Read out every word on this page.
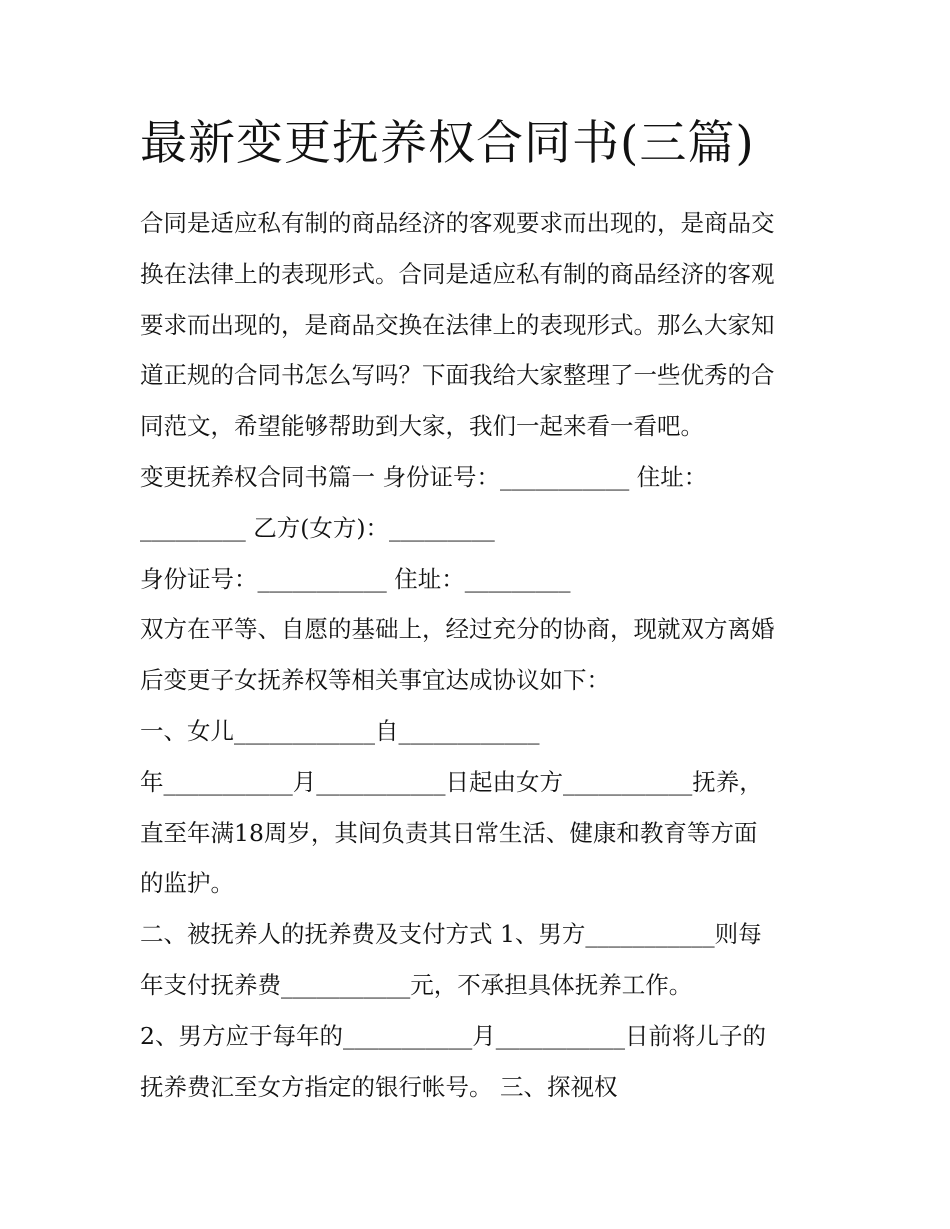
最新变更抚养权合同书(三篇)

合同是适应私有制的商品经济的客观要求而出现的，是商品交

换在法律上的表现形式。合同是适应私有制的商品经济的客观

要求而出现的，是商品交换在法律上的表现形式。那么大家知

道正规的合同书怎么写吗？下面我给大家整理了一些优秀的合

同范文，希望能够帮助到大家，我们一起来看一看吧。

变更抚养权合同书篇一 身份证号：___________ 住址：

_________ 乙方(女方)：_________

身份证号：___________ 住址：_________

双方在平等、自愿的基础上，经过充分的协商，现就双方离婚

后变更子女抚养权等相关事宜达成协议如下：

一、女儿____________自____________

年___________月___________日起由女方___________抚养，

直至年满18周岁，其间负责其日常生活、健康和教育等方面

的监护。

二、被抚养人的抚养费及支付方式 1、男方___________则每

年支付抚养费___________元，不承担具体抚养工作。

2、男方应于每年的___________月___________日前将儿子的

抚养费汇至女方指定的银行帐号。 三、探视权
